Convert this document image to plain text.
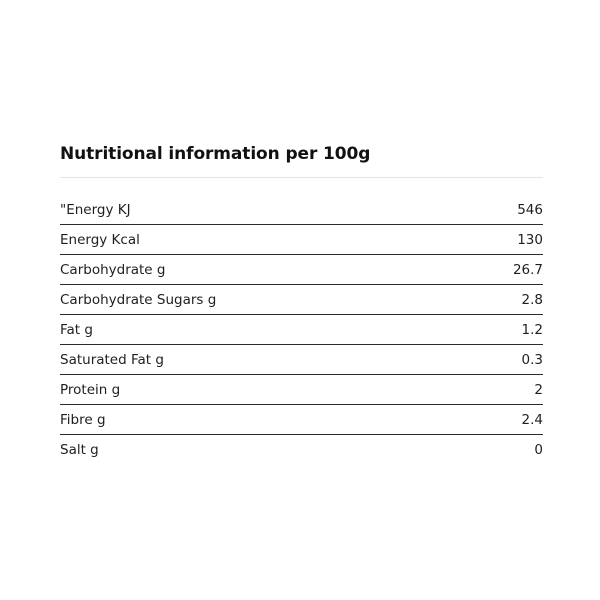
Nutritional information per 100g
"Energy KJ	546
Energy Kcal	130
Carbohydrate g	26.7
Carbohydrate Sugars g	2.8
Fat g	1.2
Saturated Fat g	0.3
Protein g	2
Fibre g	2.4
Salt g	0
